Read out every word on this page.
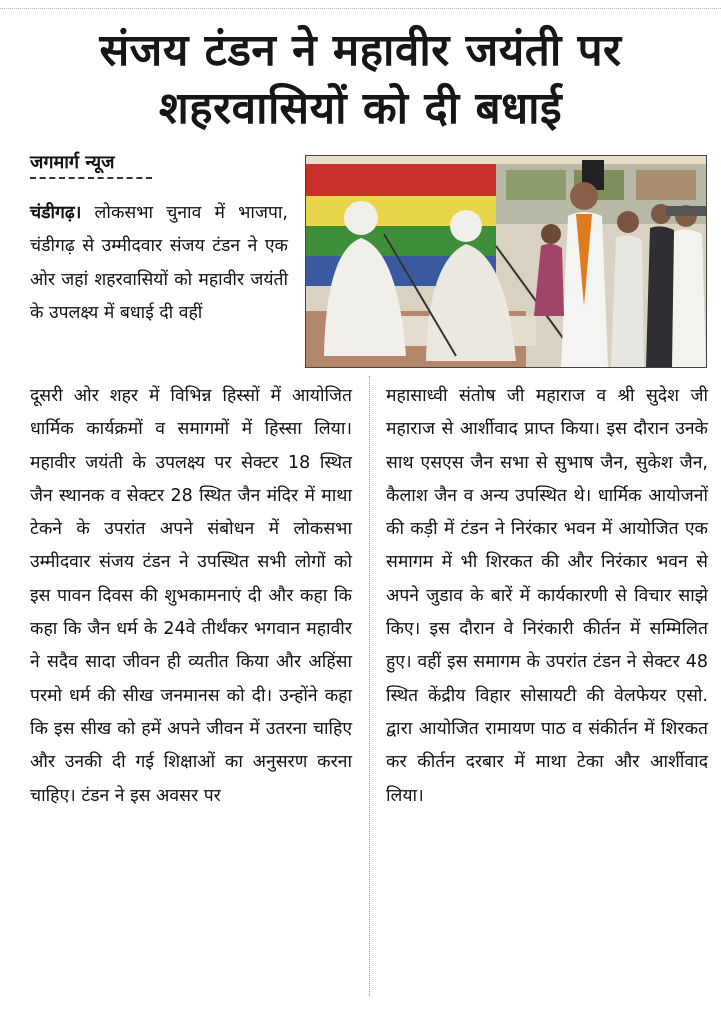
संजय टंडन ने महावीर जयंती पर
शहरवासियों को दी बधाई
जगमार्ग न्यूज
चंडीगढ़। लोकसभा चुनाव में भाजपा, चंडीगढ़ से उम्मीदवार संजय टंडन ने एक ओर जहां शहरवासियों को महावीर जयंती के उपलक्ष्य में बधाई दी वहीं
दूसरी ओर शहर में विभिन्न हिस्सों में आयोजित धार्मिक कार्यक्रमों व समागमों में हिस्सा लिया। महावीर जयंती के उपलक्ष्य पर सेक्टर 18 स्थित जैन स्थानक व सेक्टर 28 स्थित जैन मंदिर में माथा टेकने के उपरांत अपने संबोधन में लोकसभा उम्मीदवार संजय टंडन ने उपस्थित सभी लोगों को इस पावन दिवस की शुभकामनाएं दी और कहा कि कहा कि जैन धर्म के 24वे तीर्थंकर भगवान महावीर ने सदैव सादा जीवन ही व्यतीत किया और अहिंसा परमो धर्म की सीख जनमानस को दी। उन्होंने कहा कि इस सीख को हमें अपने जीवन में उतरना चाहिए और उनकी दी गई शिक्षाओं का अनुसरण करना चाहिए। टंडन ने इस अवसर पर
महासाध्वी संतोष जी महाराज व श्री सुदेश जी महाराज से आर्शीवाद प्राप्त किया। इस दौरान उनके साथ एसएस जैन सभा से सुभाष जैन, सुकेश जैन, कैलाश जैन व अन्य उपस्थित थे। धार्मिक आयोजनों की कड़ी में टंडन ने निरंकार भवन में आयोजित एक समागम में भी शिरकत की और निरंकार भवन से अपने जुडाव के बारें में कार्यकारणी से विचार साझे किए। इस दौरान वे निरंकारी कीर्तन में सम्मिलित हुए। वहीं इस समागम के उपरांत टंडन ने सेक्टर 48 स्थित केंद्रीय विहार सोसायटी की वेलफेयर एसो. द्वारा आयोजित रामायण पाठ व संकीर्तन में शिरकत कर कीर्तन दरबार में माथा टेका और आर्शीवाद लिया।
